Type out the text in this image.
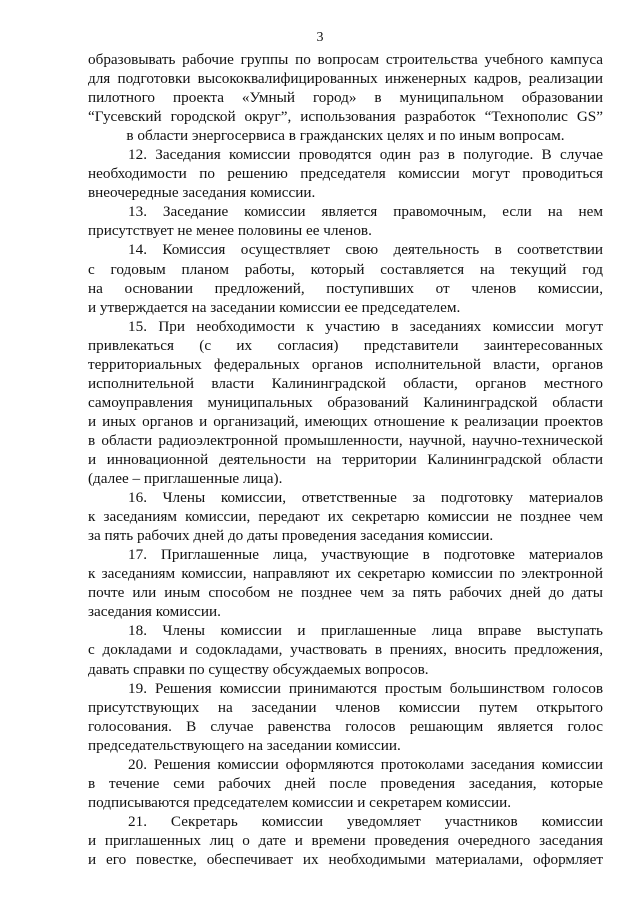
3

образовывать рабочие группы по вопросам строительства учебного кампуса
для подготовки высококвалифицированных инженерных кадров, реализации
пилотного проекта «Умный город» в муниципальном образовании
“Гусевский городской округ”, использования разработок “Технополис GS”
в области энергосервиса в гражданских целях и по иным вопросам.

12. Заседания комиссии проводятся один раз в полугодие. В случае
необходимости по решению председателя комиссии могут проводиться
внеочередные заседания комиссии.

13. Заседание комиссии является правомочным, если на нем
присутствует не менее половины ее членов.

14. Комиссия осуществляет свою деятельность в соответствии
с годовым планом работы, который составляется на текущий год
на основании предложений, поступивших от членов комиссии,
и утверждается на заседании комиссии ее председателем.

15. При необходимости к участию в заседаниях комиссии могут
привлекаться (с их согласия) представители заинтересованных
территориальных федеральных органов исполнительной власти, органов
исполнительной власти Калининградской области, органов местного
самоуправления муниципальных образований Калининградской области
и иных органов и организаций, имеющих отношение к реализации проектов
в области радиоэлектронной промышленности, научной, научно-технической
и инновационной деятельности на территории Калининградской области
(далее – приглашенные лица).

16. Члены комиссии, ответственные за подготовку материалов
к заседаниям комиссии, передают их секретарю комиссии не позднее чем
за пять рабочих дней до даты проведения заседания комиссии.

17. Приглашенные лица, участвующие в подготовке материалов
к заседаниям комиссии, направляют их секретарю комиссии по электронной
почте или иным способом не позднее чем за пять рабочих дней до даты
заседания комиссии.

18. Члены комиссии и приглашенные лица вправе выступать
с докладами и содокладами, участвовать в прениях, вносить предложения,
давать справки по существу обсуждаемых вопросов.

19. Решения комиссии принимаются простым большинством голосов
присутствующих на заседании членов комиссии путем открытого
голосования. В случае равенства голосов решающим является голос
председательствующего на заседании комиссии.

20. Решения комиссии оформляются протоколами заседания комиссии
в течение семи рабочих дней после проведения заседания, которые
подписываются председателем комиссии и секретарем комиссии.

21. Секретарь комиссии уведомляет участников комиссии
и приглашенных лиц о дате и времени проведения очередного заседания
и его повестке, обеспечивает их необходимыми материалами, оформляет
